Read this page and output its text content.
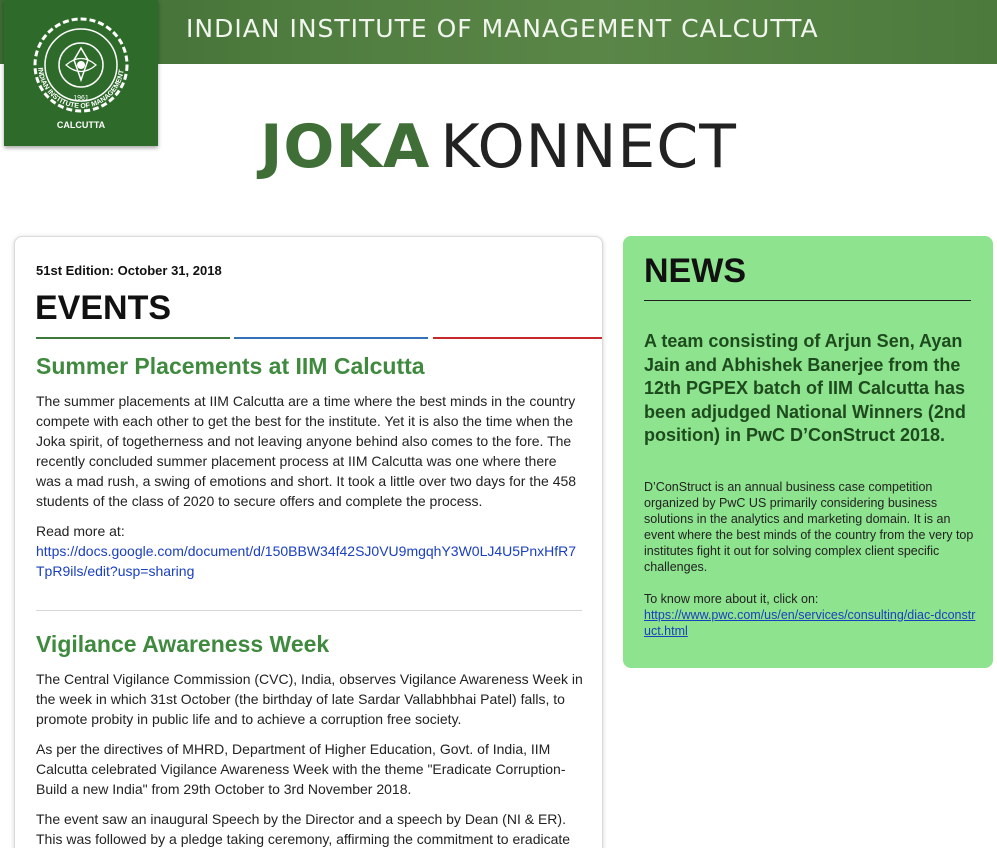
INDIAN INSTITUTE OF MANAGEMENT CALCUTTA
1961
CALCUTTA
INDIAN INSTITUTE OF MANAGEMENT
JOKA KONNECT
51st Edition: October 31, 2018
EVENTS
Summer Placements at IIM Calcutta
The summer placements at IIM Calcutta are a time where the best minds in the country compete with each other to get the best for the institute. Yet it is also the time when the Joka spirit, of togetherness and not leaving anyone behind also comes to the fore. The recently concluded summer placement process at IIM Calcutta was one where there was a mad rush, a swing of emotions and short. It took a little over two days for the 458 students of the class of 2020 to secure offers and complete the process.
Read more at:
https://docs.google.com/document/d/150BBW34f42SJ0VU9mgqhY3W0LJ4U5PnxHfR7TpR9ils/edit?usp=sharing
Vigilance Awareness Week
The Central Vigilance Commission (CVC), India, observes Vigilance Awareness Week in the week in which 31st October (the birthday of late Sardar Vallabhbhai Patel) falls, to promote probity in public life and to achieve a corruption free society.
As per the directives of MHRD, Department of Higher Education, Govt. of India, IIM Calcutta celebrated Vigilance Awareness Week with the theme "Eradicate Corruption-Build a new India" from 29th October to 3rd November 2018.
The event saw an inaugural Speech by the Director and a speech by Dean (NI & ER). This was followed by a pledge taking ceremony, affirming the commitment to eradicate
NEWS
A team consisting of Arjun Sen, Ayan Jain and Abhishek Banerjee from the 12th PGPEX batch of IIM Calcutta has been adjudged National Winners (2nd position) in PwC D’ConStruct 2018.
D’ConStruct is an annual business case competition organized by PwC US primarily considering business solutions in the analytics and marketing domain. It is an event where the best minds of the country from the very top institutes fight it out for solving complex client specific challenges.
To know more about it, click on:
https://www.pwc.com/us/en/services/consulting/diac-dconstruct.html
